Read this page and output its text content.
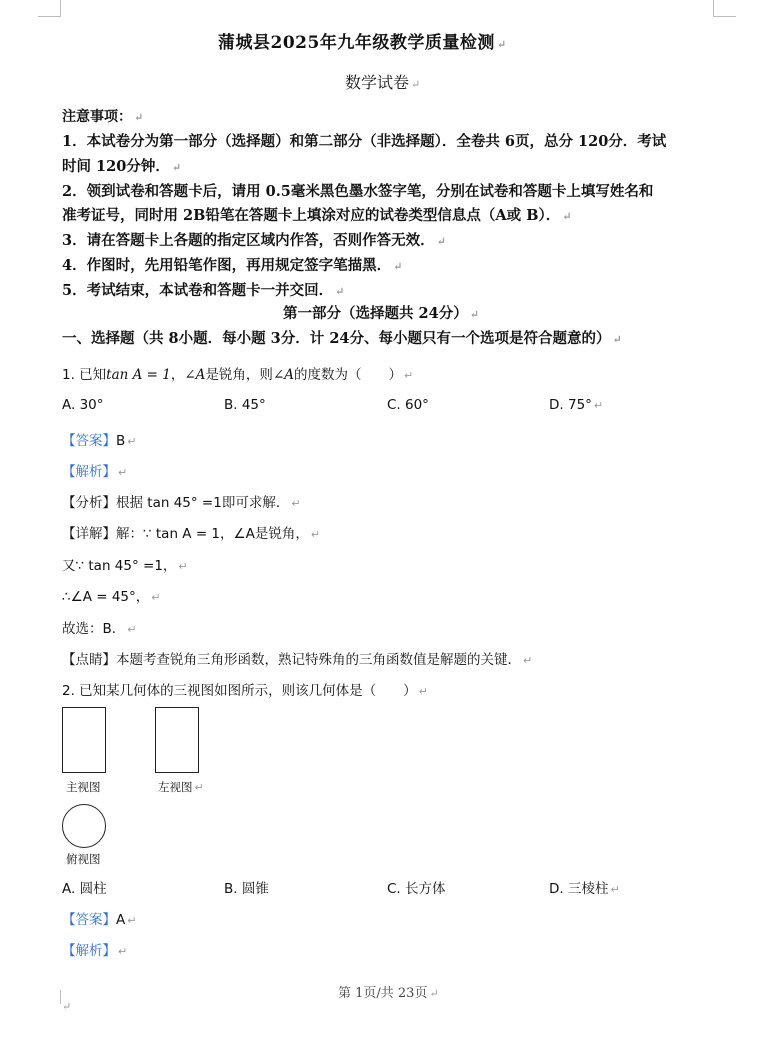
蒲城县2025年九年级教学质量检测 ↵
数学试卷 ↵
注意事项： ↵
1．本试卷分为第一部分（选择题）和第二部分（非选择题）．全卷共 6页，总分 120分．考试
时间 120分钟． ↵
2．领到试卷和答题卡后，请用 0.5毫米黑色墨水签字笔，分别在试卷和答题卡上填写姓名和
准考证号，同时用 2B铅笔在答题卡上填涂对应的试卷类型信息点（A或 B）． ↵
3．请在答题卡上各题的指定区域内作答，否则作答无效． ↵
4．作图时，先用铅笔作图，再用规定签字笔描黑． ↵
5．考试结束，本试卷和答题卡一并交回． ↵
第一部分（选择题共 24分） ↵
一、选择题（共 8小题．每小题 3分．计 24分、每小题只有一个选项是符合题意的） ↵
1. 已知tan A = 1，∠A是锐角，则∠A的度数为（　　） ↵
A. 30°	B. 45°	C. 60°	D. 75° ↵
【答案】B ↵
【解析】 ↵
【分析】根据 tan 45° =1即可求解． ↵
【详解】解：∵ tan A = 1，∠A是锐角， ↵
又∵ tan 45° =1， ↵
∴∠A = 45°， ↵
故选：B． ↵
【点睛】本题考查锐角三角形函数，熟记特殊角的三角函数值是解题的关键． ↵
2. 已知某几何体的三视图如图所示，则该几何体是（　　） ↵
主视图	左视图 ↵
俯视图
A. 圆柱	B. 圆锥	C. 长方体	D. 三棱柱 ↵
【答案】A ↵
【解析】 ↵
第 1页/共 23页 ↵
↵
